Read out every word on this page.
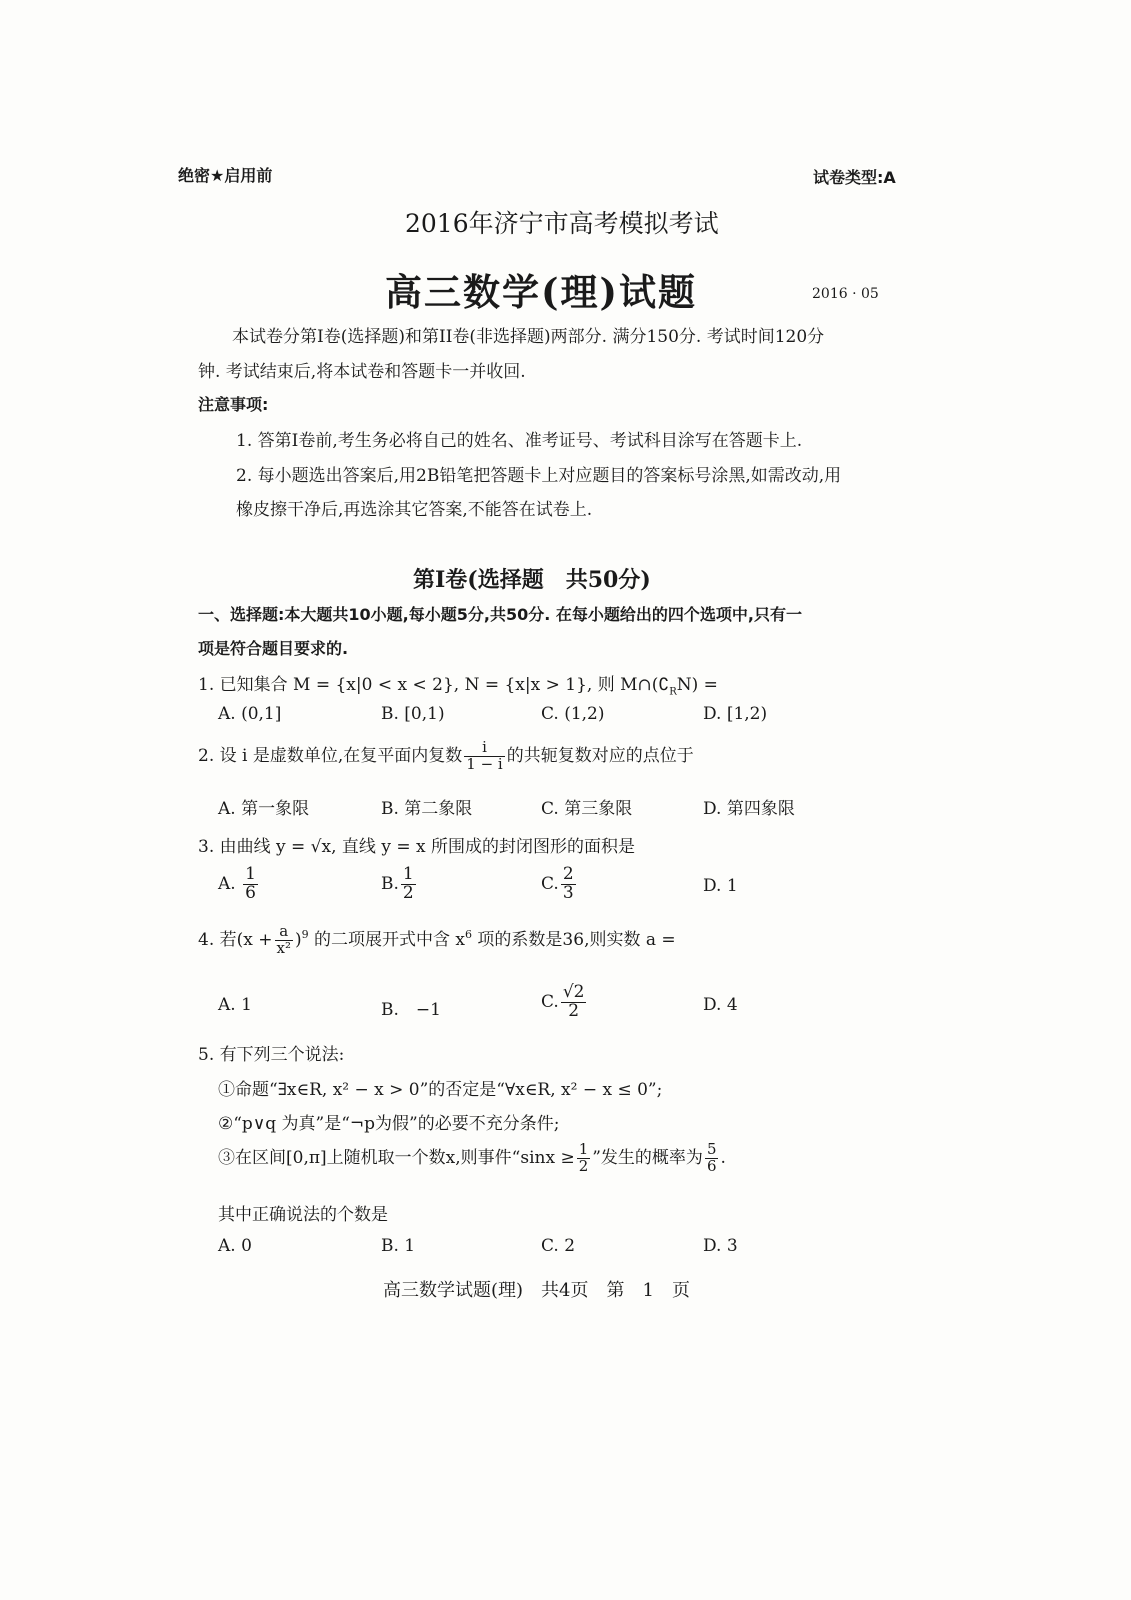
绝密★启用前	试卷类型:A
2016年济宁市高考模拟考试
高三数学(理)试题	2016 · 05
本试卷分第I卷(选择题)和第II卷(非选择题)两部分. 满分150分. 考试时间120分
钟. 考试结束后,将本试卷和答题卡一并收回.
注意事项:
1. 答第I卷前,考生务必将自己的姓名、准考证号、考试科目涂写在答题卡上.
2. 每小题选出答案后,用2B铅笔把答题卡上对应题目的答案标号涂黑,如需改动,用
橡皮擦干净后,再选涂其它答案,不能答在试卷上.
第I卷(选择题　共50分)
一、选择题:本大题共10小题,每小题5分,共50分. 在每小题给出的四个选项中,只有一
项是符合题目要求的.
1. 已知集合 M = {x|0 < x < 2}, N = {x|x > 1}, 则 $M\cap(∁_RN)$ =
A. (0,1]	B. [0,1)	C. (1,2)	D. [1,2)
2. 设 i 是虚数单位,在复平面内复数 $\frac{i}{1 - i}$ 的共轭复数对应的点位于
A. 第一象限	B. 第二象限	C. 第三象限	D. 第四象限
3. 由曲线 y = √x, 直线 y = x 所围成的封闭图形的面积是
A. $\frac{1}{6}$	B. $\frac{1}{2}$	C. $\frac{2}{3}$	D. 1
4. 若$(x + \frac{a}{\text{x²}} )^9$ 的二项展开式中含 $x^6$ 项的系数是36,则实数 a =
A. 1	B.　−1	C. $\frac{√2}{2}$	D. 4
5. 有下列三个说法:
①命题“∃x∈R, x² − x > 0”的否定是“∀x∈R, x² − x ≤ 0”;
②“p∨q 为真”是“¬p为假”的必要不充分条件;
③在区间[0,π]上随机取一个数x,则事件“$\sin x \ge \frac{1}{2}$ ”发生的概率为 $\frac{5}{6}$ .
其中正确说法的个数是
A. 0	B. 1	C. 2	D. 3
高三数学试题(理)　共4页　第　1　页
